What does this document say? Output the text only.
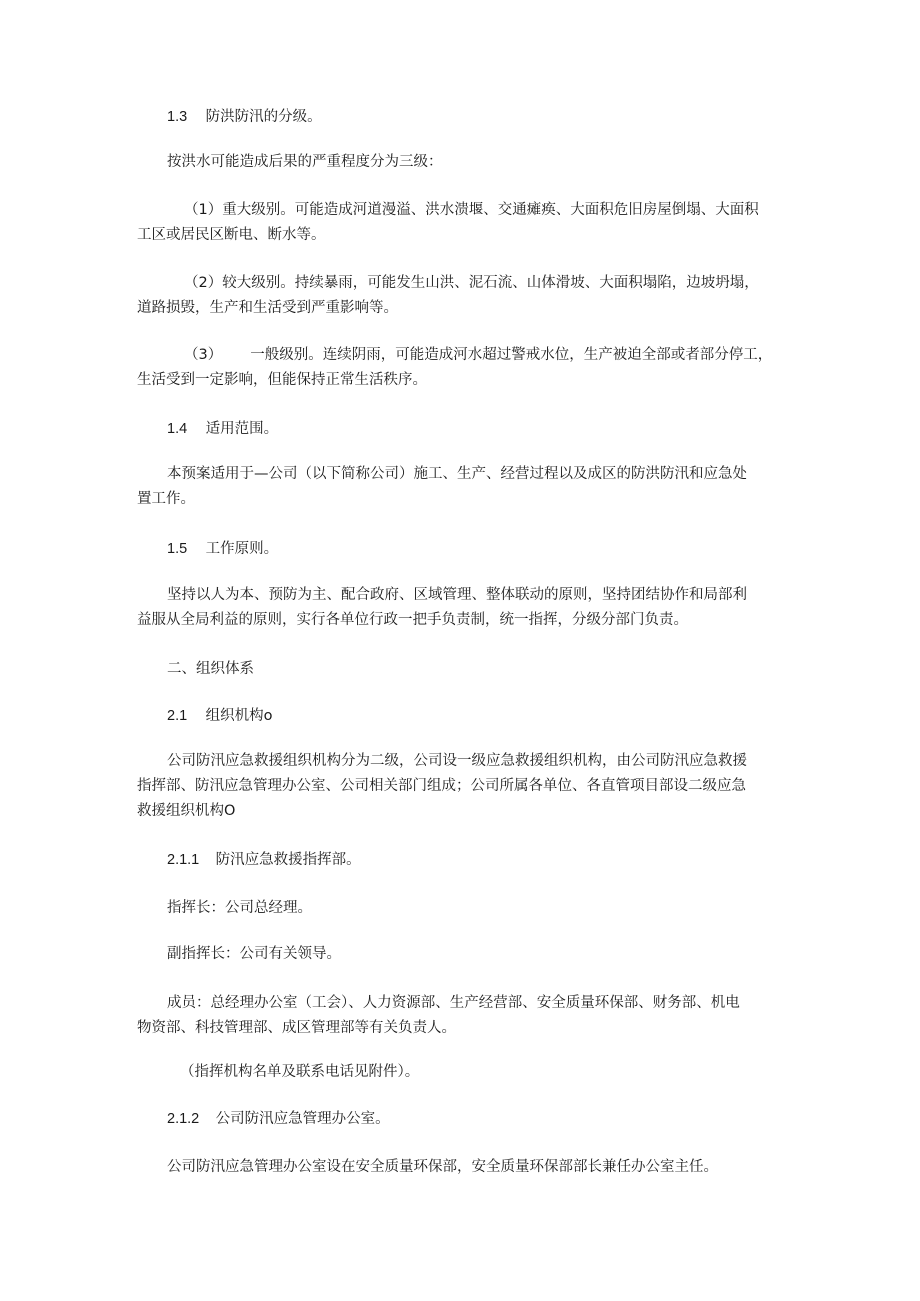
1.3 防洪防汛的分级。

按洪水可能造成后果的严重程度分为三级：

（1）重大级别。可能造成河道漫溢、洪水溃堰、交通瘫痪、大面积危旧房屋倒塌、大面积
工区或居民区断电、断水等。

（2）较大级别。持续暴雨，可能发生山洪、泥石流、山体滑坡、大面积塌陷，边坡坍塌，
道路损毁，生产和生活受到严重影响等。

（3） 一般级别。连续阴雨，可能造成河水超过警戒水位，生产被迫全部或者部分停工，
生活受到一定影响，但能保持正常生活秩序。

1.4 适用范围。

本预案适用于—公司（以下简称公司）施工、生产、经营过程以及成区的防洪防汛和应急处
置工作。

1.5 工作原则。

坚持以人为本、预防为主、配合政府、区域管理、整体联动的原则，坚持团结协作和局部利
益服从全局利益的原则，实行各单位行政一把手负责制，统一指挥，分级分部门负责。

二、组织体系

2.1 组织机构o

公司防汛应急救援组织机构分为二级，公司设一级应急救援组织机构，由公司防汛应急救援
指挥部、防汛应急管理办公室、公司相关部门组成；公司所属各单位、各直管项目部设二级应急
救援组织机构O

2.1.1 防汛应急救援指挥部。

指挥长：公司总经理。

副指挥长：公司有关领导。

成员：总经理办公室（工会）、人力资源部、生产经营部、安全质量环保部、财务部、机电
物资部、科技管理部、成区管理部等有关负责人。

（指挥机构名单及联系电话见附件）。

2.1.2 公司防汛应急管理办公室。

公司防汛应急管理办公室设在安全质量环保部，安全质量环保部部长兼任办公室主任。
